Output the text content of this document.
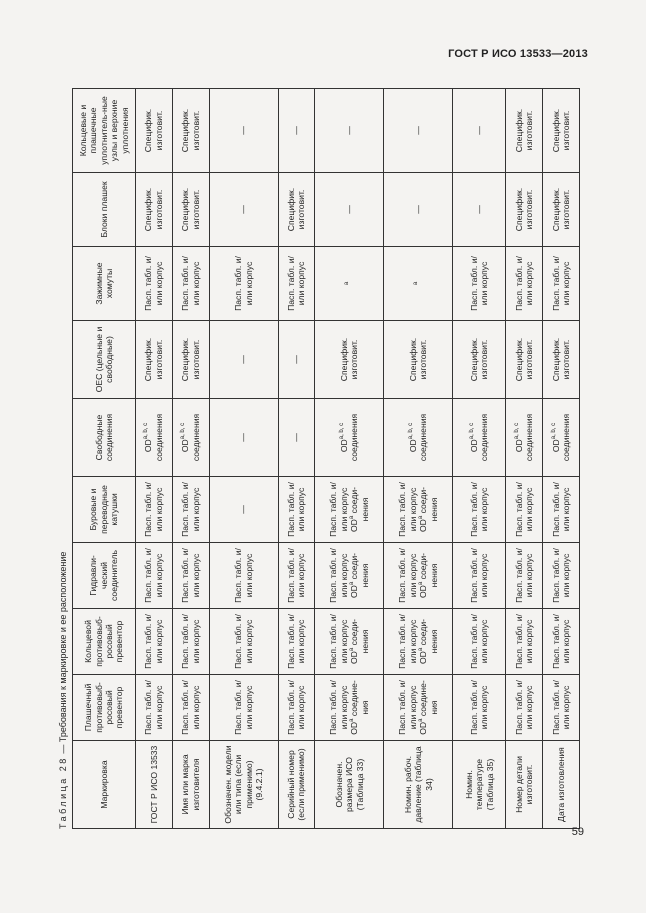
ГОСТ Р ИСО 13533—2013
Таблица 28 — Требования к маркировке и ее расположение
Маркировка	Плашечный противовыб-росовый превентор	Кольцевой противовыб-росовый превентор	Гидравли-ческий соединитель	Буровые и переводные катушки	Свободные соединения	ОЕС (цельные и свободные)	Зажимные хомуты	Блоки плашек	Кольцевые и плашечные уплотнитель-ные узлы и верхние уплотнения
ГОСТ Р ИСО 13533	Пасп. табл. и/или корпус	Пасп. табл. и/или корпус	Пасп. табл. и/или корпус	Пасп. табл. и/или корпус	OD$^{a, b, c}$ соединения	Специфик. изготовит.	Пасп. табл. и/или корпус	Специфик. изготовит.	Специфик. изготовит.
Имя или марка изготовителя	Пасп. табл. и/или корпус	Пасп. табл. и/или корпус	Пасп. табл. и/или корпус	Пасп. табл. и/или корпус	OD$^{a, b, c}$ соединения	Специфик. изготовит.	Пасп. табл. и/или корпус	Специфик. изготовит.	Специфик. изготовит.
Обозначен. модели или типа (если применимо) (9.4.2.1)	Пасп. табл. и/или корпус	Пасп. табл. и/или корпус	Пасп. табл. и/или корпус	—	—	—	Пасп. табл. и/или корпус	—	—
Серийный номер (если применимо)	Пасп. табл. и/или корпус	Пасп. табл. и/или корпус	Пасп. табл. и/или корпус	Пасп. табл. и/или корпус	—	—	Пасп. табл. и/или корпус	Специфик. изготовит.	—
Обозначен. размера ИСО (Таблица 33)	Пасп. табл. и/или корпус $OD^a$ соедине-ния	Пасп. табл. и/или корпус $OD^a$ соеди-нения	Пасп. табл. и/или корпус $OD^a$ соеди-нения	Пасп. табл. и/или корпус $OD^a$ соеди-нения	OD$^{a, b, c}$ соединения	Специфик. изготовит.	$^a$	—	—
Номин. рабоч. давление (таблица 34)	Пасп. табл. и/или корпус $OD^a$ соедине-ния	Пасп. табл. и/или корпус $OD^a$ соеди-нения	Пасп. табл. и/или корпус $OD^a$ соеди-нения	Пасп. табл. и/или корпус $OD^a$ соеди-нения	OD$^{a, b, c}$ соединения	Специфик. изготовит.	$^a$	—	—
Номин. температуре (Таблица 35)	Пасп. табл. и/или корпус	Пасп. табл. и/или корпус	Пасп. табл. и/или корпус	Пасп. табл. и/или корпус	OD$^{a, b, c}$ соединения	Специфик. изготовит.	Пасп. табл. и/или корпус	—	—
Номер детали изготовит.	Пасп. табл. и/или корпус	Пасп. табл. и/или корпус	Пасп. табл. и/или корпус	Пасп. табл. и/или корпус	OD$^{a, b, c}$ соединения	Специфик. изготовит.	Пасп. табл. и/или корпус	Специфик. изготовит.	Специфик. изготовит.
Дата изготовления	Пасп. табл. и/или корпус	Пасп. табл. и/или корпус	Пасп. табл. и/или корпус	Пасп. табл. и/или корпус	OD$^{a, b, c}$ соединения	Специфик. изготовит.	Пасп. табл. и/или корпус	Специфик. изготовит.	Специфик. изготовит.
59
